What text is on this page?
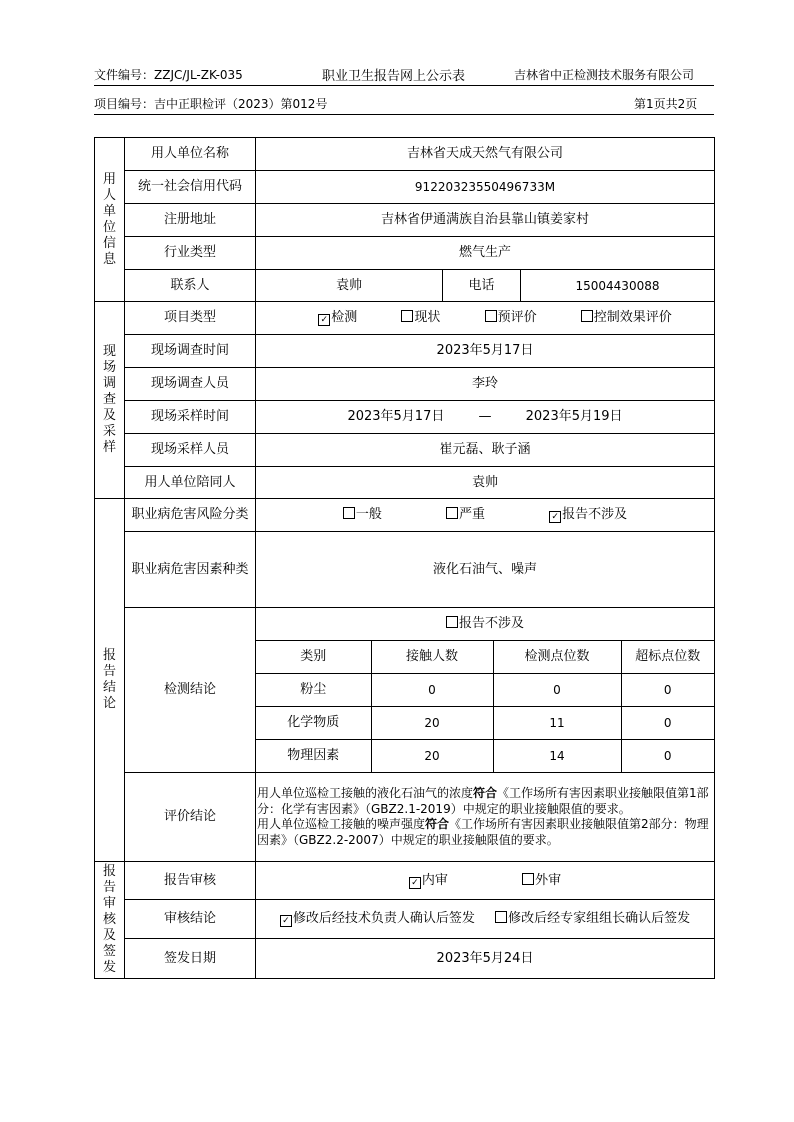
文件编号：ZZJC/JL-ZK-035	职业卫生报告网上公示表	吉林省中正检测技术服务有限公司
项目编号：吉中正职检评（2023）第012号	第1页共2页
用人单位信息
	用人单位名称	吉林省天成天然气有限公司
统一社会信用代码	91220323550496733M
注册地址	吉林省伊通满族自治县靠山镇姜家村
行业类型	燃气生产
联系人	袁帅	电话	15004430088

现场调查及采样
	项目类型	✓ 检测	现状	预评价	控制效果评价
现场调查时间	2023年5月17日
现场调查人员	李玲
现场采样时间	2023年5月17日	—	2023年5月19日
现场采样人员	崔元磊、耿子涵
用人单位陪同人	袁帅

报告结论
	职业病危害风险分类	一般	严重	✓ 报告不涉及
职业病危害因素种类	液化石油气、噪声
检测结论	
报告不涉及
类别	接触人数	检测点位数	超标点位数
粉尘	0	0	0
化学物质	20	11	0
物理因素	20	14	0

评价结论	
用人单位巡检工接触的液化石油气的浓度符合《工作场所有害因素职业接触限值第1部分：化学有害因素》（GBZ2.1-2019）中规定的职业接触限值的要求。
用人单位巡检工接触的噪声强度符合《工作场所有害因素职业接触限值第2部分：物理因素》（GBZ2.2-2007）中规定的职业接触限值的要求。

报告审核及签发
	报告审核	✓ 内审	外审
审核结论	✓ 修改后经技术负责人确认后签发	修改后经专家组组长确认后签发
签发日期	2023年5月24日
